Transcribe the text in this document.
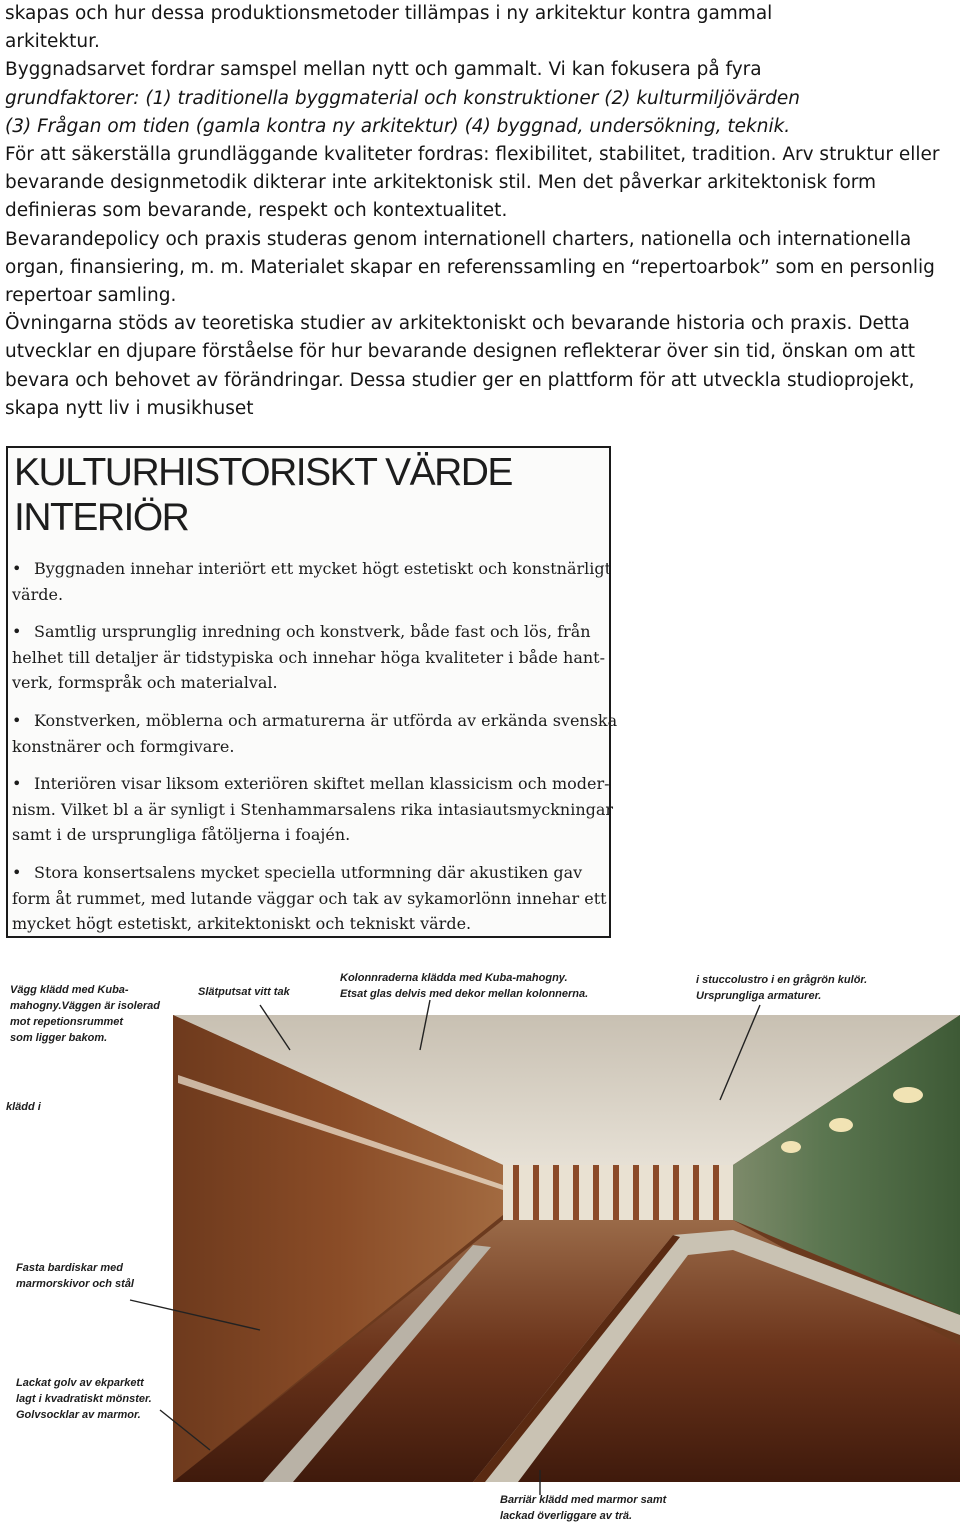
skapas och hur dessa produktionsmetoder tillämpas i ny arkitektur kontra gammal
arkitektur.
Byggnadsarvet fordrar samspel mellan nytt och gammalt. Vi kan fokusera på fyra
grundfaktorer: (1) traditionella byggmaterial och konstruktioner (2) kulturmiljövärden
(3) Frågan om tiden (gamla kontra ny arkitektur) (4) byggnad, undersökning, teknik.
För att säkerställa grundläggande kvaliteter fordras: flexibilitet, stabilitet, tradition. Arv struktur eller
bevarande designmetodik dikterar inte arkitektonisk stil. Men det påverkar arkitektonisk form
definieras som bevarande, respekt och kontextualitet.
Bevarandepolicy och praxis studeras genom internationell charters, nationella och internationella
organ, finansiering, m. m. Materialet skapar en referenssamling en “repertoarbok” som en personlig
repertoar samling.
Övningarna stöds av teoretiska studier av arkitektoniskt och bevarande historia och praxis. Detta
utvecklar en djupare förståelse för hur bevarande designen reflekterar över sin tid, önskan om att
bevara och behovet av förändringar. Dessa studier ger en plattform för att utveckla studioprojekt,
skapa nytt liv i musikhuset
KULTURHISTORISKT VÄRDE
INTERIÖR
• Byggnaden innehar interiört ett mycket högt estetiskt och konstnärligt
värde.
• Samtlig ursprunglig inredning och konstverk, både fast och lös, från
helhet till detaljer är tidstypiska och innehar höga kvaliteter i både hant-
verk, formspråk och materialval.
• Konstverken, möblerna och armaturerna är utförda av erkända svenska
konstnärer och formgivare.
• Interiören visar liksom exteriören skiftet mellan klassicism och moder-
nism. Vilket bl a är synligt i Stenhammarsalens rika intasiautsmyckningar
samt i de ursprungliga fåtöljerna i foajén.
• Stora konsertsalens mycket speciella utformning där akustiken gav
form åt rummet, med lutande väggar och tak av sykamorlönn innehar ett
mycket högt estetiskt, arkitektoniskt och tekniskt värde.
Vägg klädd med Kuba-
mahogny.Väggen är isolerad
mot repetionsrummet
som ligger bakom.
Slätputsat vitt tak
Kolonnraderna klädda med Kuba-mahogny.
Etsat glas delvis med dekor mellan kolonnerna.
i stuccolustro i en grågrön kulör.
Ursprungliga armaturer.
klädd i
Fasta bardiskar med
marmorskivor och stål
Lackat golv av ekparkett
lagt i kvadratiskt mönster.
Golvsocklar av marmor.
Barriär klädd med marmor samt
lackad överliggare av trä.
